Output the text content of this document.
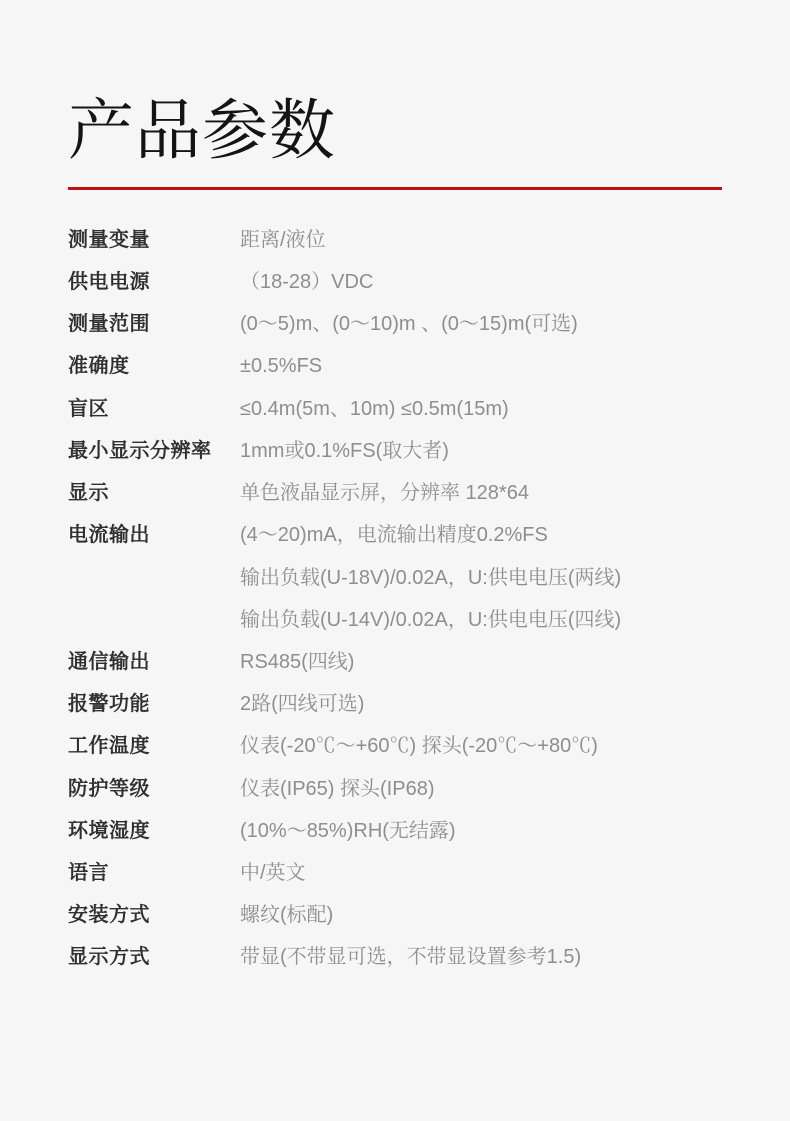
产品参数
测量变量	距离/液位
供电电源	（18-28）VDC
测量范围	(0～5)m、(0～10)m 、(0～15)m(可选)
准确度	±0.5%FS
盲区	≤0.4m(5m、10m) ≤0.5m(15m)
最小显示分辨率	1mm或0.1%FS(取大者)
显示	单色液晶显示屏，分辨率 128*64
电流输出	(4～20)mA，电流输出精度0.2%FS
输出负载(U-18V)/0.02A，U:供电电压(两线)
输出负载(U-14V)/0.02A，U:供电电压(四线)
通信输出	RS485(四线)
报警功能	2路(四线可选)
工作温度	仪表(-20℃～+60℃) 探头(-20℃～+80℃)
防护等级	仪表(IP65) 探头(IP68)
环境湿度	(10%～85%)RH(无结露)
语言	中/英文
安装方式	螺纹(标配)
显示方式	带显(不带显可选，不带显设置参考1.5)
